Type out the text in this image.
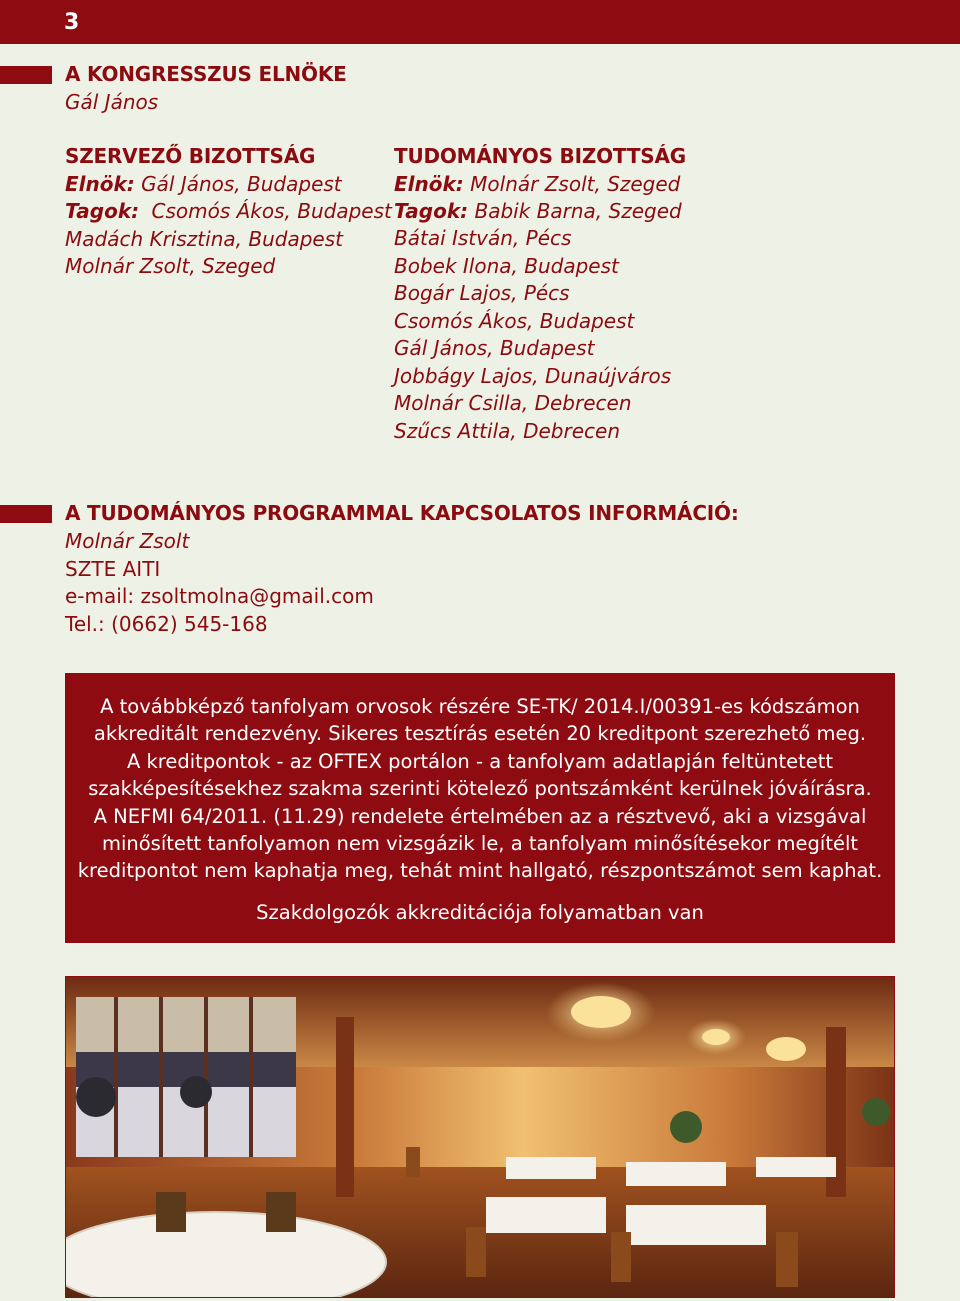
3
A KONGRESSZUS ELNÖKE
Gál János
SZERVEZŐ BIZOTTSÁG
Elnök: Gál János, Budapest
Tagok: Csomós Ákos, Budapest
Madách Krisztina, Budapest
Molnár Zsolt, Szeged
TUDOMÁNYOS BIZOTTSÁG
Elnök: Molnár Zsolt, Szeged
Tagok: Babik Barna, Szeged
Bátai István, Pécs
Bobek Ilona, Budapest
Bogár Lajos, Pécs
Csomós Ákos, Budapest
Gál János, Budapest
Jobbágy Lajos, Dunaújváros
Molnár Csilla, Debrecen
Szűcs Attila, Debrecen
A TUDOMÁNYOS PROGRAMMAL KAPCSOLATOS INFORMÁCIÓ:
Molnár Zsolt
SZTE AITI
e-mail: zsoltmolna@gmail.com
Tel.: (0662) 545-168

A továbbképző tanfolyam orvosok részére SE-TK/ 2014.I/00391-es kódszámon

akkreditált rendezvény. Sikeres tesztírás esetén 20 kreditpont szerezhető meg.

A kreditpontok - az OFTEX portálon - a tanfolyam adatlapján feltüntetett

szakképesítésekhez szakma szerinti kötelező pontszámként kerülnek jóváírásra.

A NEFMI 64/2011. (11.29) rendelete értelmében az a résztvevő, aki a vizsgával

minősített tanfolyamon nem vizsgázik le, a tanfolyam minősítésekor megítélt

kreditpontot nem kaphatja meg, tehát mint hallgató, részpontszámot sem kaphat.

Szakdolgozók akkreditációja folyamatban van
